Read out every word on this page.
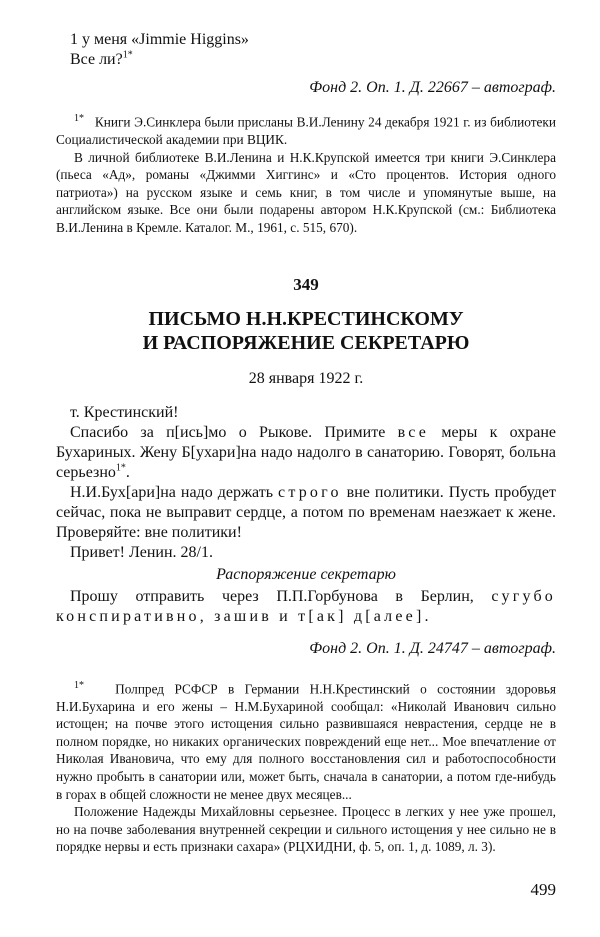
1 у меня «Jimmie Higgins»

Все ли?$^{1*}$

Фонд 2. Оп. 1. Д. 22667 – автограф.

$^{1*}$ Книги Э.Синклера были присланы В.И.Ленину 24 декабря 1921 г. из библиотеки Социалистической академии при ВЦИК.

В личной библиотеке В.И.Ленина и Н.К.Крупской имеется три книги Э.Синклера (пьеса «Ад», романы «Джимми Хиггинс» и «Сто процентов. История одного патриота») на русском языке и семь книг, в том числе и упомянутые выше, на английском языке. Все они были подарены автором Н.К.Крупской (см.: Библиотека В.И.Ленина в Кремле. Каталог. М., 1961, с. 515, 670).

349
ПИСЬМО Н.Н.КРЕСТИНСКОМУ
И РАСПОРЯЖЕНИЕ СЕКРЕТАРЮ
28 января 1922 г.

т. Крестинский!

Спасибо за п[ись]мо о Рыкове. Примите все меры к охране Бухариных. Жену Б[ухари]на надо надолго в санаторию. Говорят, больна серьезно$^{1*}$.

Н.И.Бух[ари]на надо держать строго вне политики. Пусть пробудет сейчас, пока не выправит сердце, а потом по временам наезжает к жене. Проверяйте: вне политики!

Привет! Ленин. 28/1.

Распоряжение секретарю

Прошу отправить через П.П.Горбунова в Берлин, сугубо конспиративно, зашив и т[ак] д[алее].

Фонд 2. Оп. 1. Д. 24747 – автограф.

$^{1*}$ Полпред РСФСР в Германии Н.Н.Крестинский о состоянии здоровья Н.И.Бухарина и его жены – Н.М.Бухариной сообщал: «Николай Иванович сильно истощен; на почве этого истощения сильно развившаяся неврастения, сердце не в полном порядке, но никаких органических повреждений еще нет... Мое впечатление от Николая Ивановича, что ему для полного восстановления сил и работоспособности нужно пробыть в санатории или, может быть, сначала в санатории, а потом где-нибудь в горах в общей сложности не менее двух месяцев...

Положение Надежды Михайловны серьезнее. Процесс в легких у нее уже прошел, но на почве заболевания внутренней секреции и сильного истощения у нее сильно не в порядке нервы и есть признаки сахара» (РЦХИДНИ, ф. 5, оп. 1, д. 1089, л. 3).

499
